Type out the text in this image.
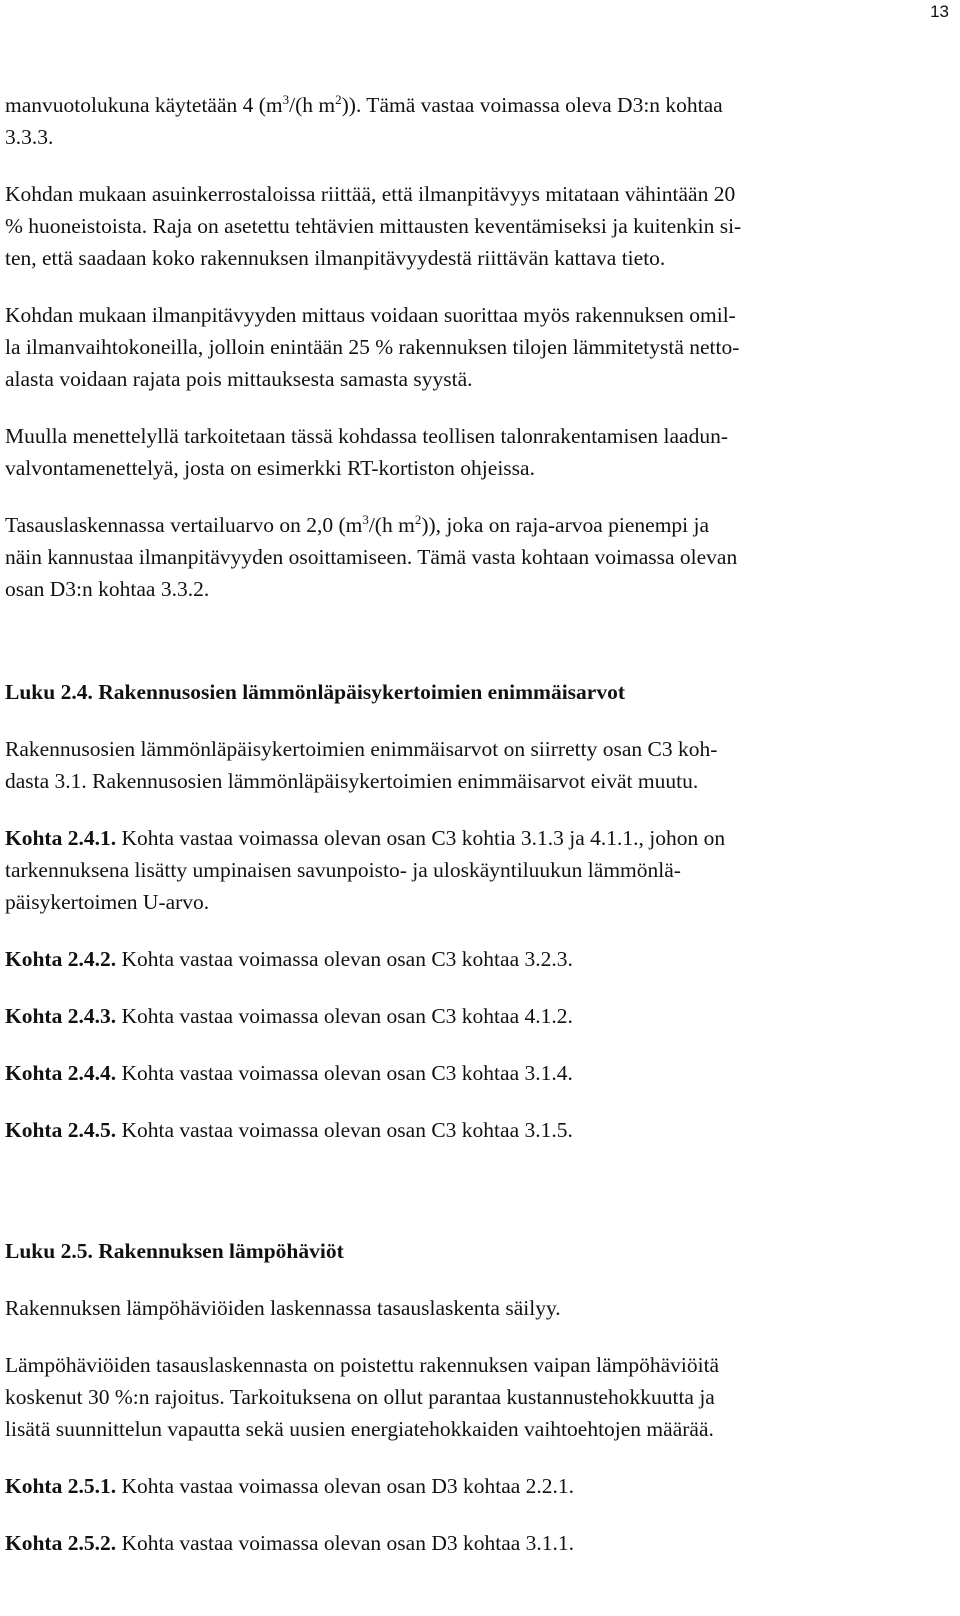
13

manvuotolukuna käytetään 4 ($m^3/(h$ $m^2$)). Tämä vastaa voimassa oleva D3:n kohtaa
3.3.3.

Kohdan mukaan asuinkerrostaloissa riittää, että ilmanpitävyys mitataan vähintään 20
% huoneistoista. Raja on asetettu tehtävien mittausten keventämiseksi ja kuitenkin si-
ten, että saadaan koko rakennuksen ilmanpitävyydestä riittävän kattava tieto.

Kohdan mukaan ilmanpitävyyden mittaus voidaan suorittaa myös rakennuksen omil-
la ilmanvaihtokoneilla, jolloin enintään 25 % rakennuksen tilojen lämmitetystä netto-
alasta voidaan rajata pois mittauksesta samasta syystä.

Muulla menettelyllä tarkoitetaan tässä kohdassa teollisen talonrakentamisen laadun-
valvontamenettelyä, josta on esimerkki RT-kortiston ohjeissa.

Tasauslaskennassa vertailuarvo on 2,0 ($m^3/(h$ $m^2$)), joka on raja-arvoa pienempi ja
näin kannustaa ilmanpitävyyden osoittamiseen. Tämä vasta kohtaan voimassa olevan
osan D3:n kohtaa 3.3.2.

Luku 2.4. Rakennusosien lämmönläpäisykertoimien enimmäisarvot

Rakennusosien lämmönläpäisykertoimien enimmäisarvot on siirretty osan C3 koh-
dasta 3.1. Rakennusosien lämmönläpäisykertoimien enimmäisarvot eivät muutu.

Kohta 2.4.1. Kohta vastaa voimassa olevan osan C3 kohtia 3.1.3 ja 4.1.1., johon on
tarkennuksena lisätty umpinaisen savunpoisto- ja uloskäyntiluukun lämmönlä-
päisykertoimen U-arvo.

Kohta 2.4.2. Kohta vastaa voimassa olevan osan C3 kohtaa 3.2.3.

Kohta 2.4.3. Kohta vastaa voimassa olevan osan C3 kohtaa 4.1.2.

Kohta 2.4.4. Kohta vastaa voimassa olevan osan C3 kohtaa 3.1.4.

Kohta 2.4.5. Kohta vastaa voimassa olevan osan C3 kohtaa 3.1.5.

Luku 2.5. Rakennuksen lämpöhäviöt

Rakennuksen lämpöhäviöiden laskennassa tasauslaskenta säilyy.

Lämpöhäviöiden tasauslaskennasta on poistettu rakennuksen vaipan lämpöhäviöitä
koskenut 30 %:n rajoitus. Tarkoituksena on ollut parantaa kustannustehokkuutta ja
lisätä suunnittelun vapautta sekä uusien energiatehokkaiden vaihtoehtojen määrää.

Kohta 2.5.1. Kohta vastaa voimassa olevan osan D3 kohtaa 2.2.1.

Kohta 2.5.2. Kohta vastaa voimassa olevan osan D3 kohtaa 3.1.1.
